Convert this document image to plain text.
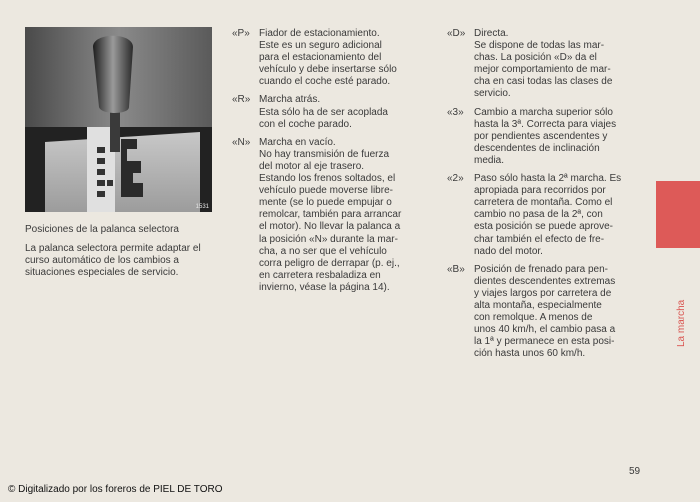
1531
Posiciones de la palanca selectora
La palanca selectora permite adaptar el curso automático de los cambios a situaciones especiales de servicio.
«P» Fiador de estacionamiento.
Este es un seguro adicional
para el estacionamiento del
vehículo y debe insertarse sólo
cuando el coche esté parado.
«R» Marcha atrás.
Esta sólo ha de ser acoplada
con el coche parado.
«N» Marcha en vacío.
No hay transmisión de fuerza
del motor al eje trasero.
Estando los frenos soltados, el
vehículo puede moverse libre-
mente (se lo puede empujar o
remolcar, también para arrancar
el motor). No llevar la palanca a
la posición «N» durante la mar-
cha, a no ser que el vehículo
corra peligro de derrapar (p. ej.,
en carretera resbaladiza en
invierno, véase la página 14).
«D» Directa.
Se dispone de todas las mar-
chas. La posición «D» da el
mejor comportamiento de mar-
cha en casi todas las clases de
servicio.
«3»	Cambio a marcha superior sólo
hasta la 3ª. Correcta para viajes
por pendientes ascendentes y
descendentes de inclinación
media.
«2»	Paso sólo hasta la 2ª marcha. Es
apropiada para recorridos por
carretera de montaña. Como el
cambio no pasa de la 2ª, con
esta posición se puede aprove-
char también el efecto de fre-
nado del motor.
«B» Posición de frenado para pen-
dientes descendentes extremas
y viajes largos por carretera de
alta montaña, especialmente
con remolque. A menos de
unos 40 km/h, el cambio pasa a
la 1ª y permanece en esta posi-
ción hasta unos 60 km/h.
La marcha
59
© Digitalizado por los foreros de PIEL DE TORO
